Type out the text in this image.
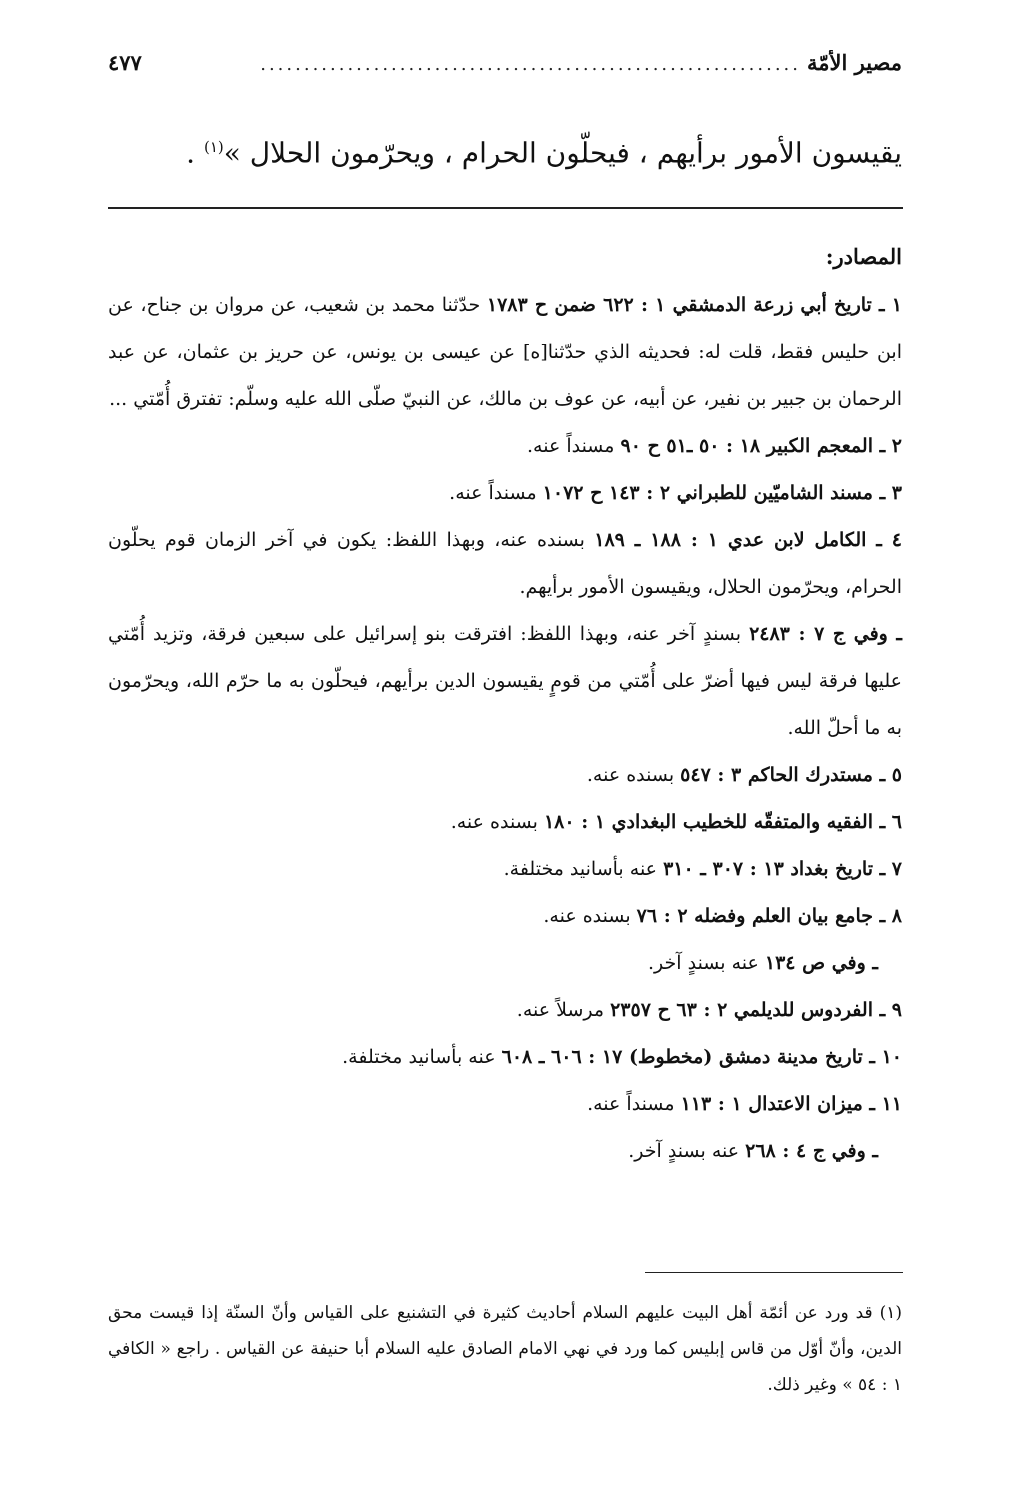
مصير الأمّة
..............................................................
٤٧٧
يقيسون الأمور برأيهم ، فيحلّون الحرام ، ويحرّمون الحلال »$^{(١)}$ .
المصادر:
١ ـ تاريخ أبي زرعة الدمشقي ١ : ٦٢٢ ضمن ح ١٧٨٣ حدّثنا محمد بن شعيب، عن مروان بن جناح، عن ابن حليس فقط، قلت له: فحديثه الذي حدّثنا[ه] عن عيسى بن يونس، عن حريز بن عثمان، عن عبد الرحمان بن جبير بن نفير، عن أبيه، عن عوف بن مالك، عن النبيّ صلّى الله عليه وسلّم: تفترق أُمّتي ...
٢ ـ المعجم الكبير ١٨ : ٥٠ ـ٥١ ح ٩٠ مسنداً عنه.
٣ ـ مسند الشاميّين للطبراني ٢ : ١٤٣ ح ١٠٧٢ مسنداً عنه.
٤ ـ الكامل لابن عدي ١ : ١٨٨ ـ ١٨٩ بسنده عنه، وبهذا اللفظ: يكون في آخر الزمان قوم يحلّون الحرام، ويحرّمون الحلال، ويقيسون الأمور برأيهم.
ـ وفي ج ٧ : ٢٤٨٣ بسندٍ آخر عنه، وبهذا اللفظ: افترقت بنو إسرائيل على سبعين فرقة، وتزيد أُمّتي عليها فرقة ليس فيها أضرّ على أُمّتي من قومٍ يقيسون الدين برأيهم، فيحلّون به ما حرّم الله، ويحرّمون به ما أحلّ الله.
٥ ـ مستدرك الحاكم ٣ : ٥٤٧ بسنده عنه.
٦ ـ الفقيه والمتفقّه للخطيب البغدادي ١ : ١٨٠ بسنده عنه.
٧ ـ تاريخ بغداد ١٣ : ٣٠٧ ـ ٣١٠ عنه بأسانيد مختلفة.
٨ ـ جامع بيان العلم وفضله ٢ : ٧٦ بسنده عنه.
ـ وفي ص ١٣٤ عنه بسندٍ آخر.
٩ ـ الفردوس للديلمي ٢ : ٦٣ ح ٢٣٥٧ مرسلاً عنه.
١٠ ـ تاريخ مدينة دمشق (مخطوط) ١٧ : ٦٠٦ ـ ٦٠٨ عنه بأسانيد مختلفة.
١١ ـ ميزان الاعتدال ١ : ١١٣ مسنداً عنه.
ـ وفي ج ٤ : ٢٦٨ عنه بسندٍ آخر.
(١) قد ورد عن أئمّة أهل البيت عليهم السلام أحاديث كثيرة في التشنيع على القياس وأنّ السنّة إذا قيست محق الدين، وأنّ أوّل من قاس إبليس كما ورد في نهي الامام الصادق عليه السلام أبا حنيفة عن القياس . راجع « الكافي ١ : ٥٤ » وغير ذلك.
